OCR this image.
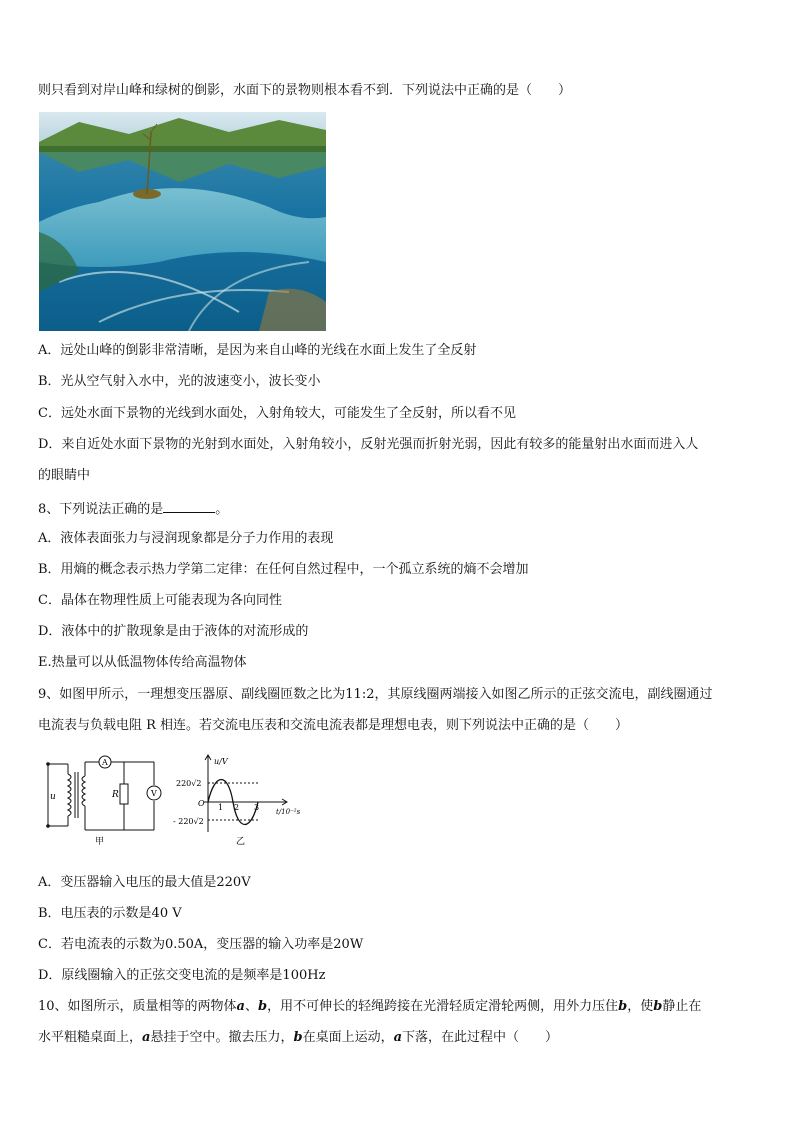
则只看到对岸山峰和绿树的倒影，水面下的景物则根本看不到．下列说法中正确的是（　　）
A．远处山峰的倒影非常清晰，是因为来自山峰的光线在水面上发生了全反射
B．光从空气射入水中，光的波速变小，波长变小
C．远处水面下景物的光线到水面处，入射角较大，可能发生了全反射，所以看不见
D．来自近处水面下景物的光射到水面处，入射角较小，反射光强而折射光弱，因此有较多的能量射出水面而进入人
的眼睛中
8、下列说法正确的是	。
A．液体表面张力与浸润现象都是分子力作用的表现
B．用熵的概念表示热力学第二定律：在任何自然过程中，一个孤立系统的熵不会增加
C．晶体在物理性质上可能表现为各向同性
D．液体中的扩散现象是由于液体的对流形成的
E.热量可以从低温物体传给高温物体
9、如图甲所示，一理想变压器原、副线圈匝数之比为11:2，其原线圈两端接入如图乙所示的正弦交流电，副线圈通过
电流表与负载电阻 R 相连。若交流电压表和交流电流表都是理想电表，则下列说法中正确的是（　　）
u
A
V
R
甲
u/V
220√2
- 220√2
O 1 2 3 t/10⁻²s
乙
A．变压器输入电压的最大值是220V
B．电压表的示数是40 V
C．若电流表的示数为0.50A，变压器的输入功率是20W
D．原线圈输入的正弦交变电流的是频率是100Hz
10、如图所示，质量相等的两物体a、b，用不可伸长的轻绳跨接在光滑轻质定滑轮两侧，用外力压住b，使b静止在
水平粗糙桌面上，a悬挂于空中。撤去压力，b在桌面上运动，a下落，在此过程中（　　）
